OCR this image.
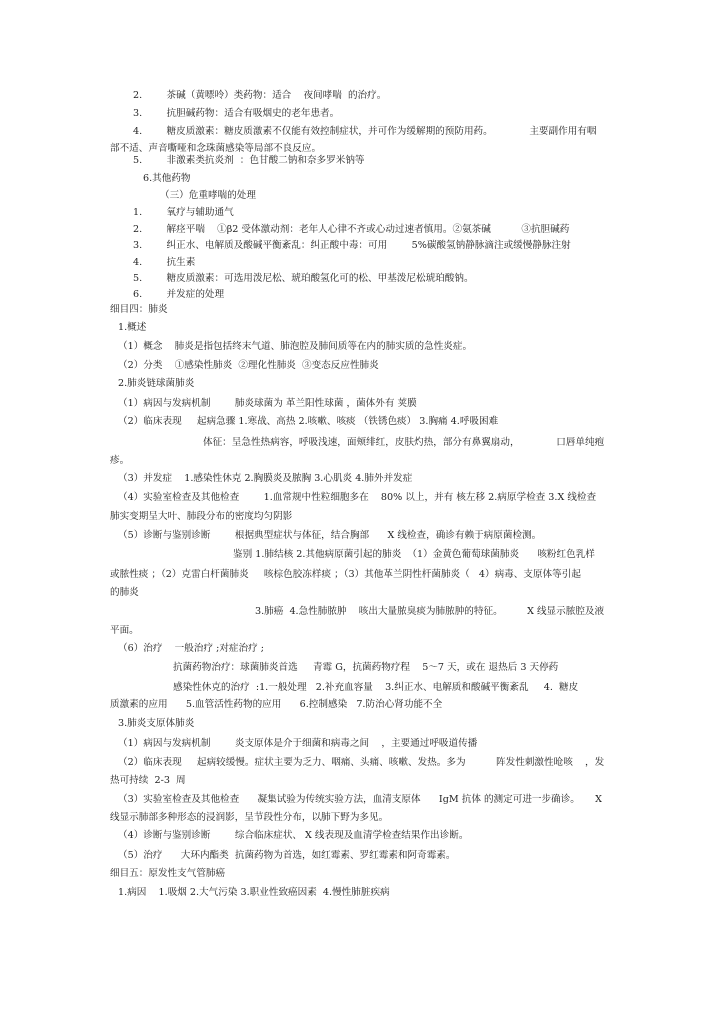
2.        茶碱（黄嘌呤）类药物：适合    夜间哮喘  的治疗。
3.        抗胆碱药物：适合有吸烟史的老年患者。
4.        糖皮质激素：糖皮质激素不仅能有效控制症状，并可作为缓解期的预防用药。            主要副作用有咽
部不适、声音嘶哑和念珠菌感染等局部不良反应。
5.        非激素类抗炎剂  ：色甘酸二钠和奈多罗米钠等
6.其他药物
（三）危重哮喘的处理
1.        氧疗与辅助通气
2.        解痉平喘    ①β2 受体激动剂：老年人心律不齐或心动过速者慎用。②氨茶碱          ③抗胆碱药
3.        纠正水、电解质及酸碱平衡紊乱：纠正酸中毒：可用        5%碳酸氢钠静脉滴注或缓慢静脉注射
4.        抗生素
5.        糖皮质激素：可选用泼尼松、琥珀酸氢化可的松、甲基泼尼松琥珀酸钠。
6.        并发症的处理
细目四：肺炎
1.概述
（1）概念    肺炎是指包括终末气道、肺泡腔及肺间质等在内的肺实质的急性炎症。
（2）分类    ①感染性肺炎  ②理化性肺炎  ③变态反应性肺炎
2.肺炎链球菌肺炎
（1）病因与发病机制        肺炎球菌为 革兰阳性球菌 ，菌体外有 荚膜
（2）临床表现     起病急骤 1.寒战、高热 2.咳嗽、咳痰 （铁锈色痰） 3.胸痛 4.呼吸困难
体征：呈急性热病容，呼吸浅速，面颊绯红，皮肤灼热，部分有鼻翼扇动，            口唇单纯疱
疹。
（3）并发症    1.感染性休克 2.胸膜炎及脓胸 3.心肌炎 4.肺外并发症
（4）实验室检查及其他检查        1.血常规中性粒细胞多在    80% 以上，并有 核左移 2.病原学检查 3.X 线检查
肺实变期呈大叶、肺段分布的密度均匀阴影
（5）诊断与鉴别诊断        根据典型症状与体征，结合胸部      X 线检查，确诊有赖于病原菌检测。
鉴别 1.肺结核 2.其他病原菌引起的肺炎  （1）金黄色葡萄球菌肺炎      咳粉红色乳样
或脓性痰 ；（2）克雷白杆菌肺炎     咳棕色胶冻样痰 ；（3）其他革兰阴性杆菌肺炎（   4）病毒、支原体等引起
的肺炎
3.肺癌  4.急性肺脓肿    咳出大量脓臭痰为肺脓肿的特征。        X 线显示脓腔及液
平面。
（6）治疗    一般治疗 ;对症治疗 ;
抗菌药物治疗：球菌肺炎首选     青霉 G，抗菌药物疗程    5～7 天，或在 退热后 3 天停药
感染性休克的治疗  :1.一般处理   2.补充血容量    3.纠正水、电解质和酸碱平衡紊乱     4.  糖皮
质激素的应用      5.血管活性药物的应用      6.控制感染   7.防治心肾功能不全
3.肺炎支原体肺炎
（1）病因与发病机制        炎支原体是介于细菌和病毒之间    ，主要通过呼吸道传播
（2）临床表现     起病较缓慢。症状主要为乏力、咽痛、头痛、咳嗽、发热。多为          阵发性刺激性呛咳    ，发
热可持续  2-3  周
（3）实验室检查及其他检查      凝集试验为传统实验方法，血清支原体      IgM 抗体 的测定可进一步确诊。     X
线显示肺部多种形态的浸润影，呈节段性分布，以肺下野为多见。
（4）诊断与鉴别诊断        综合临床症状、 X 线表现及血清学检查结果作出诊断。
（5）治疗      大环内酯类  抗菌药物为首选，如红霉素、罗红霉素和阿奇霉素。
细目五：原发性支气管肺癌
1.病因    1.吸烟 2.大气污染 3.职业性致癌因素  4.慢性肺脏疾病
